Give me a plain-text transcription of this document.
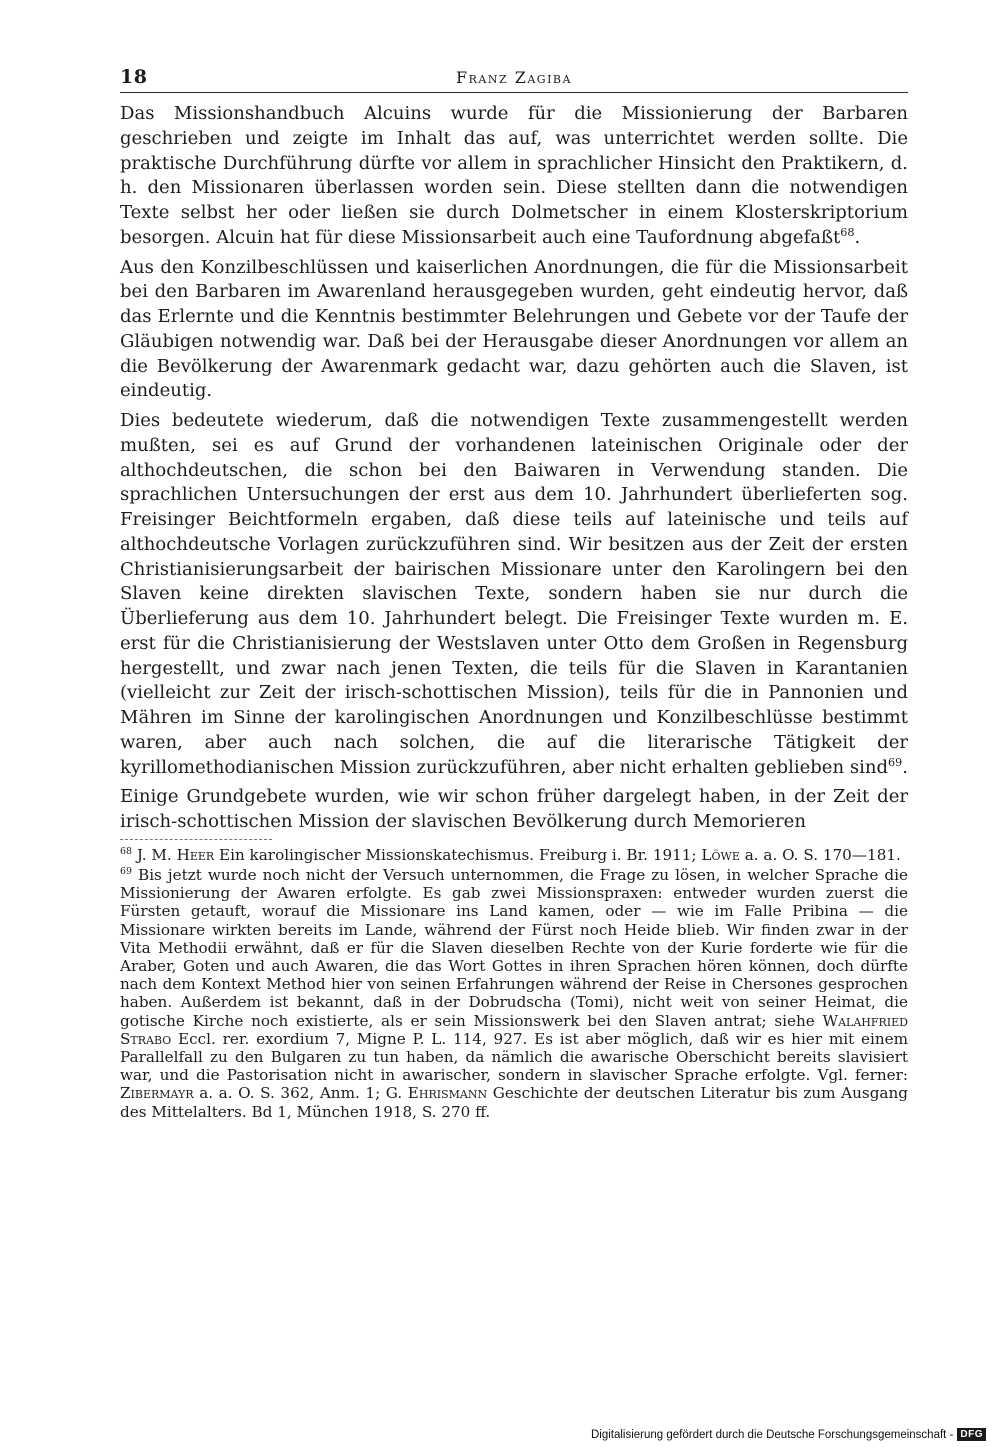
18	Franz Zagiba

Das Missionshandbuch Alcuins wurde für die Missionierung der Barbaren geschrieben und zeigte im Inhalt das auf, was unterrichtet werden sollte. Die praktische Durchführung dürfte vor allem in sprachlicher Hinsicht den Praktikern, d. h. den Missionaren überlassen worden sein. Diese stellten dann die notwendigen Texte selbst her oder ließen sie durch Dolmetscher in einem Klosterskriptorium besorgen. Alcuin hat für diese Missionsarbeit auch eine Taufordnung abgefaßt$^{68}$.

Aus den Konzilbeschlüssen und kaiserlichen Anordnungen, die für die Missionsarbeit bei den Barbaren im Awarenland herausgegeben wurden, geht eindeutig hervor, daß das Erlernte und die Kenntnis bestimmter Belehrungen und Gebete vor der Taufe der Gläubigen notwendig war. Daß bei der Herausgabe dieser Anordnungen vor allem an die Bevölkerung der Awarenmark gedacht war, dazu gehörten auch die Slaven, ist eindeutig.

Dies bedeutete wiederum, daß die notwendigen Texte zusammengestellt werden mußten, sei es auf Grund der vorhandenen lateinischen Originale oder der althochdeutschen, die schon bei den Baiwaren in Verwendung standen. Die sprachlichen Untersuchungen der erst aus dem 10. Jahrhundert überlieferten sog. Freisinger Beichtformeln ergaben, daß diese teils auf lateinische und teils auf althochdeutsche Vorlagen zurückzuführen sind. Wir besitzen aus der Zeit der ersten Christianisierungsarbeit der bairischen Missionare unter den Karolingern bei den Slaven keine direkten slavischen Texte, sondern haben sie nur durch die Überlieferung aus dem 10. Jahrhundert belegt. Die Freisinger Texte wurden m. E. erst für die Christianisierung der Westslaven unter Otto dem Großen in Regensburg hergestellt, und zwar nach jenen Texten, die teils für die Slaven in Karantanien (vielleicht zur Zeit der irisch-schottischen Mission), teils für die in Pannonien und Mähren im Sinne der karolingischen Anordnungen und Konzilbeschlüsse bestimmt waren, aber auch nach solchen, die auf die literarische Tätigkeit der kyrillomethodianischen Mission zurückzuführen, aber nicht erhalten geblieben sind$^{69}$.

Einige Grundgebete wurden, wie wir schon früher dargelegt haben, in der Zeit der irisch-schottischen Mission der slavischen Bevölkerung durch Memorieren

$^{68}$ J. M. Heer Ein karolingischer Missionskatechismus. Freiburg i. Br. 1911; Löwe a. a. O. S. 170—181.

$^{69}$ Bis jetzt wurde noch nicht der Versuch unternommen, die Frage zu lösen, in welcher Sprache die Missionierung der Awaren erfolgte. Es gab zwei Missionspraxen: entweder wurden zuerst die Fürsten getauft, worauf die Missionare ins Land kamen, oder — wie im Falle Pribina — die Missionare wirkten bereits im Lande, während der Fürst noch Heide blieb. Wir finden zwar in der Vita Methodii erwähnt, daß er für die Slaven dieselben Rechte von der Kurie forderte wie für die Araber, Goten und auch Awaren, die das Wort Gottes in ihren Sprachen hören können, doch dürfte nach dem Kontext Method hier von seinen Erfahrungen während der Reise in Chersones gesprochen haben. Außerdem ist bekannt, daß in der Dobrudscha (Tomi), nicht weit von seiner Heimat, die gotische Kirche noch existierte, als er sein Missionswerk bei den Slaven antrat; siehe Walahfried Strabo Eccl. rer. exordium 7, Migne P. L. 114, 927. Es ist aber möglich, daß wir es hier mit einem Parallelfall zu den Bulgaren zu tun haben, da nämlich die awarische Oberschicht bereits slavisiert war, und die Pastorisation nicht in awarischer, sondern in slavischer Sprache erfolgte. Vgl. ferner: Zibermayr a. a. O. S. 362, Anm. 1; G. Ehrismann Geschichte der deutschen Literatur bis zum Ausgang des Mittelalters. Bd 1, München 1918, S. 270 ff.

Digitalisierung gefördert durch die Deutsche Forschungsgemeinschaft - DFG
